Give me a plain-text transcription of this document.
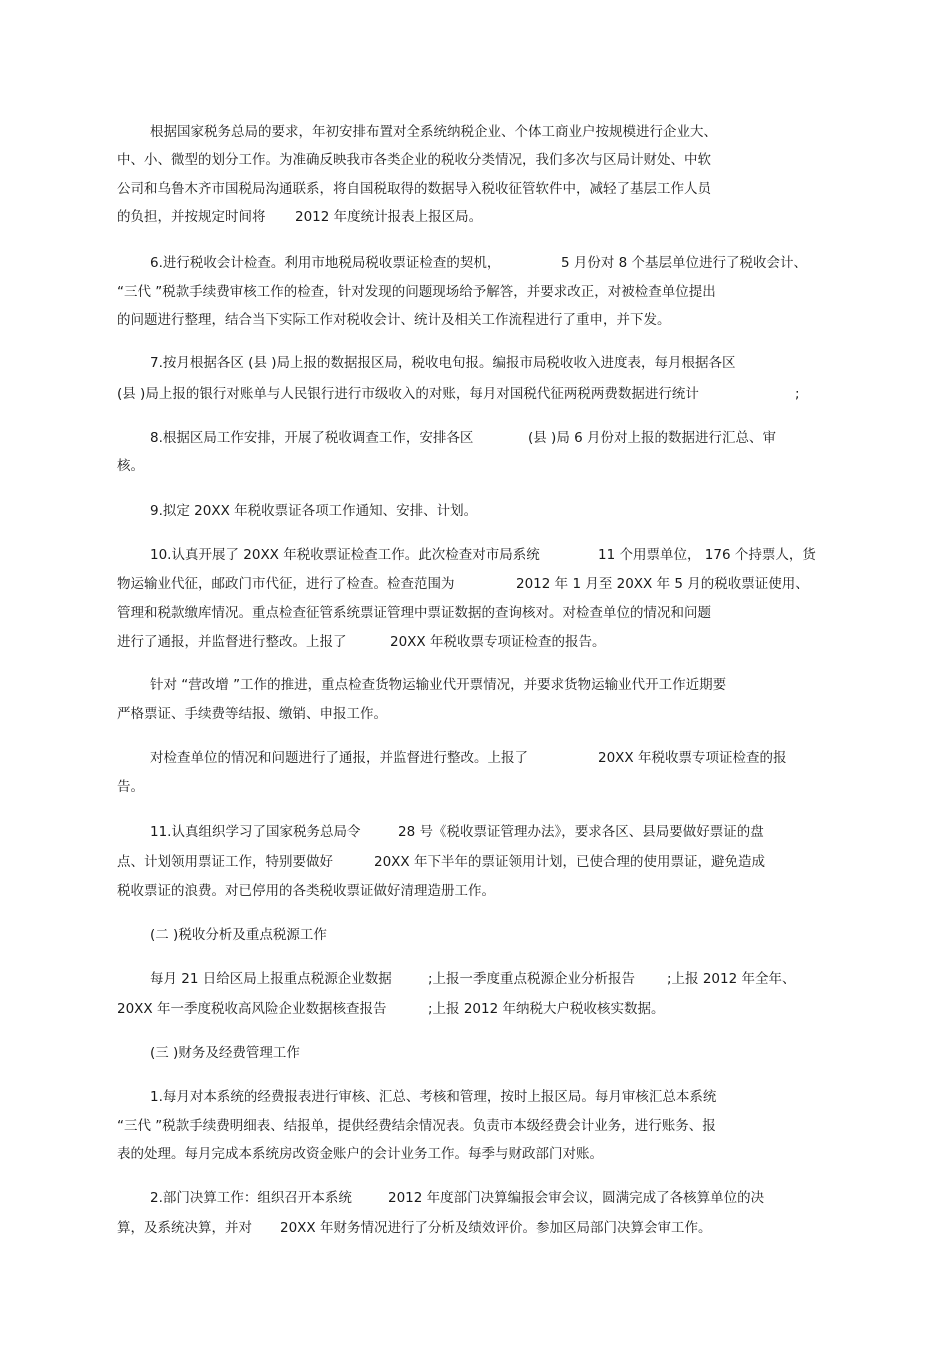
根据国家税务总局的要求，年初安排布置对全系统纳税企业、个体工商业户按规模进行企业大、
中、小、微型的划分工作。为准确反映我市各类企业的税收分类情况，我们多次与区局计财处、中软
公司和乌鲁木齐市国税局沟通联系，将自国税取得的数据导入税收征管软件中，减轻了基层工作人员
的负担，并按规定时间将 2012 年度统计报表上报区局。
6.进行税收会计检查。利用市地税局税收票证检查的契机，	5 月份对 8 个基层单位进行了税收会计、
“三代 ”税款手续费审核工作的检查，针对发现的问题现场给予解答，并要求改正，对被检查单位提出
的问题进行整理，结合当下实际工作对税收会计、统计及相关工作流程进行了重申，并下发。
7.按月根据各区 (县 )局上报的数据报区局，税收电旬报。编报市局税收收入进度表，每月根据各区
(县 )局上报的银行对账单与人民银行进行市级收入的对账，每月对国税代征两税两费数据进行统计	;
8.根据区局工作安排，开展了税收调查工作，安排各区	(县 )局 6 月份对上报的数据进行汇总、审
核。
9.拟定 20XX 年税收票证各项工作通知、安排、计划。
10.认真开展了 20XX 年税收票证检查工作。此次检查对市局系统	11 个用票单位， 176 个持票人，货
物运输业代征，邮政门市代征，进行了检查。检查范围为	2012 年 1 月至 20XX 年 5 月的税收票证使用、
管理和税款缴库情况。重点检查征管系统票证管理中票证数据的查询核对。对检查单位的情况和问题
进行了通报，并监督进行整改。上报了	20XX 年税收票专项证检查的报告。
针对 “营改增 ”工作的推进，重点检查货物运输业代开票情况，并要求货物运输业代开工作近期要
严格票证、手续费等结报、缴销、申报工作。
对检查单位的情况和问题进行了通报，并监督进行整改。上报了	20XX 年税收票专项证检查的报
告。
11.认真组织学习了国家税务总局令	28 号《税收票证管理办法》，要求各区、县局要做好票证的盘
点、计划领用票证工作，特别要做好	20XX 年下半年的票证领用计划，已使合理的使用票证，避免造成
税收票证的浪费。对已停用的各类税收票证做好清理造册工作。
(二 )税收分析及重点税源工作
每月 21 日给区局上报重点税源企业数据	;上报一季度重点税源企业分析报告 ;上报 2012 年全年、
20XX 年一季度税收高风险企业数据核查报告	;上报 2012 年纳税大户税收核实数据。
(三 )财务及经费管理工作
1.每月对本系统的经费报表进行审核、汇总、考核和管理，按时上报区局。每月审核汇总本系统
“三代 ”税款手续费明细表、结报单，提供经费结余情况表。负责市本级经费会计业务，进行账务、报
表的处理。每月完成本系统房改资金账户的会计业务工作。每季与财政部门对账。
2.部门决算工作：组织召开本系统	2012 年度部门决算编报会审会议，圆满完成了各核算单位的决
算，及系统决算，并对 20XX 年财务情况进行了分析及绩效评价。参加区局部门决算会审工作。
